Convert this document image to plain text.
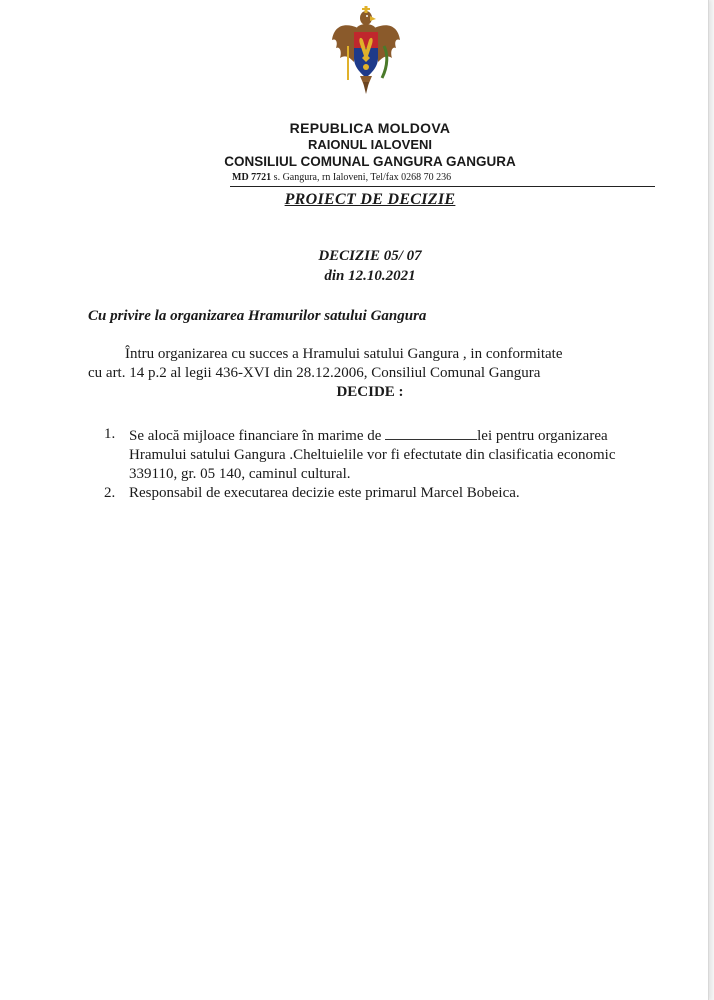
REPUBLICA MOLDOVA
RAIONUL IALOVENI
CONSILIUL COMUNAL GANGURA GANGURA
MD 7721 s. Gangura, rn Ialoveni, Tel/fax 0268 70 236
PROIECT DE DECIZIE
DECIZIE 05/ 07
din 12.10.2021
Cu privire la organizarea Hramurilor satului Gangura
Întru organizarea cu succes a Hramului satului Gangura , in conformitate
cu art. 14 p.2 al legii 436-XVI din 28.12.2006, Consiliul Comunal Gangura
DECIDE :
1. Se alocă mijloace financiare în marime de	lei pentru organizarea Hramului satului Gangura .Cheltuielile vor fi efectutate din clasificatia economic 339110, gr. 05 140, caminul cultural.
2. Responsabil de executarea decizie este primarul Marcel Bobeica.
